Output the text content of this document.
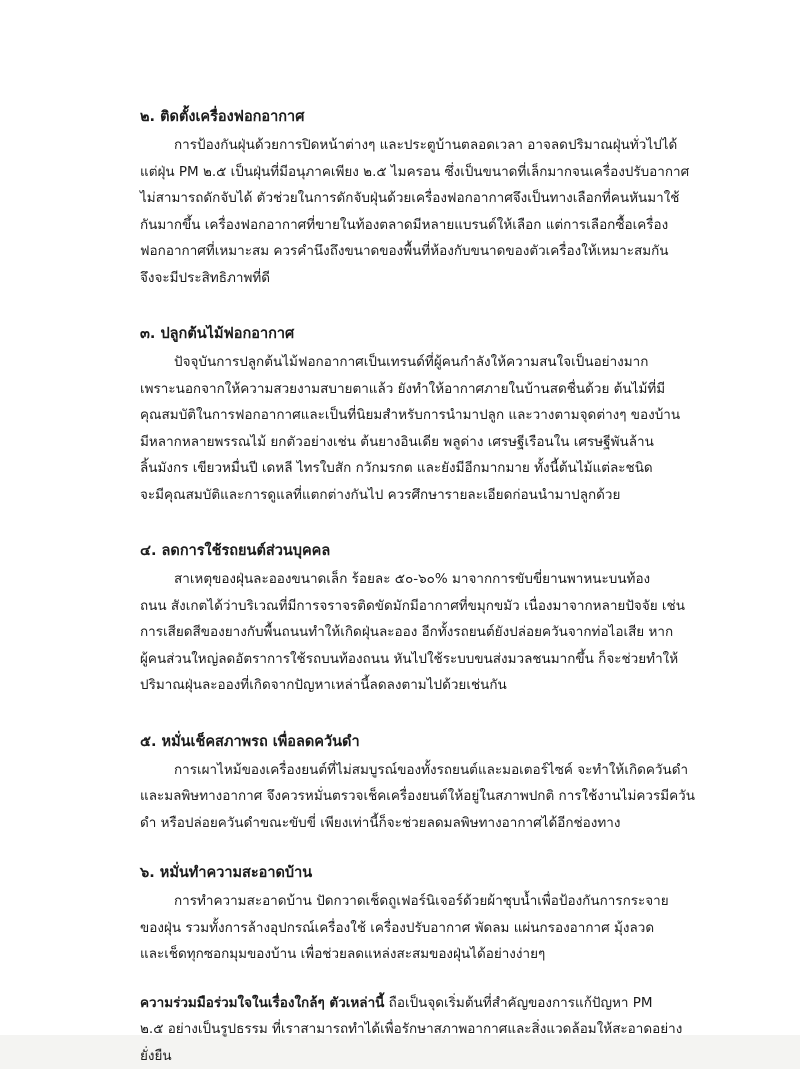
๒. ติดตั้งเครื่องฟอกอากาศ
การป้องกันฝุ่นด้วยการปิดหน้าต่างๆ และประตูบ้านตลอดเวลา อาจลดปริมาณฝุ่นทั่วไปได้
แต่ฝุ่น PM ๒.๕ เป็นฝุ่นที่มีอนุภาคเพียง ๒.๕ ไมครอน ซึ่งเป็นขนาดที่เล็กมากจนเครื่องปรับอากาศ
ไม่สามารถดักจับได้ ตัวช่วยในการดักจับฝุ่นด้วยเครื่องฟอกอากาศจึงเป็นทางเลือกที่คนหันมาใช้
กันมากขึ้น เครื่องฟอกอากาศที่ขายในท้องตลาดมีหลายแบรนด์ให้เลือก แต่การเลือกซื้อเครื่อง
ฟอกอากาศที่เหมาะสม ควรคำนึงถึงขนาดของพื้นที่ห้องกับขนาดของตัวเครื่องให้เหมาะสมกัน
จึงจะมีประสิทธิภาพที่ดี
๓. ปลูกต้นไม้ฟอกอากาศ
ปัจจุบันการปลูกต้นไม้ฟอกอากาศเป็นเทรนด์ที่ผู้คนกำลังให้ความสนใจเป็นอย่างมาก
เพราะนอกจากให้ความสวยงามสบายตาแล้ว ยังทำให้อากาศภายในบ้านสดชื่นด้วย ต้นไม้ที่มี
คุณสมบัติในการฟอกอากาศและเป็นที่นิยมสำหรับการนำมาปลูก และวางตามจุดต่างๆ ของบ้าน
มีหลากหลายพรรณไม้ ยกตัวอย่างเช่น ต้นยางอินเดีย พลูด่าง เศรษฐีเรือนใน เศรษฐีพันล้าน
ลิ้นมังกร เขียวหมื่นปี เดหลี ไทรใบสัก กวักมรกต และยังมีอีกมากมาย ทั้งนี้ต้นไม้แต่ละชนิด
จะมีคุณสมบัติและการดูแลที่แตกต่างกันไป ควรศึกษารายละเอียดก่อนนำมาปลูกด้วย
๔. ลดการใช้รถยนต์ส่วนบุคคล
สาเหตุของฝุ่นละอองขนาดเล็ก ร้อยละ ๕๐-๖๐% มาจากการขับขี่ยานพาหนะบนท้อง
ถนน สังเกตได้ว่าบริเวณที่มีการจราจรติดขัดมักมีอากาศที่ขมุกขมัว เนื่องมาจากหลายปัจจัย เช่น
การเสียดสีของยางกับพื้นถนนทำให้เกิดฝุ่นละออง อีกทั้งรถยนต์ยังปล่อยควันจากท่อไอเสีย หาก
ผู้คนส่วนใหญ่ลดอัตราการใช้รถบนท้องถนน หันไปใช้ระบบขนส่งมวลชนมากขึ้น ก็จะช่วยทำให้
ปริมาณฝุ่นละอองที่เกิดจากปัญหาเหล่านี้ลดลงตามไปด้วยเช่นกัน
๕. หมั่นเช็คสภาพรถ เพื่อลดควันดำ
การเผาไหม้ของเครื่องยนต์ที่ไม่สมบูรณ์ของทั้งรถยนต์และมอเตอร์ไซค์ จะทำให้เกิดควันดำ
และมลพิษทางอากาศ จึงควรหมั่นตรวจเช็คเครื่องยนต์ให้อยู่ในสภาพปกติ การใช้งานไม่ควรมีควัน
ดำ หรือปล่อยควันดำขณะขับขี่ เพียงเท่านี้ก็จะช่วยลดมลพิษทางอากาศได้อีกช่องทาง
๖. หมั่นทำความสะอาดบ้าน
การทำความสะอาดบ้าน ปัดกวาดเช็ดถูเฟอร์นิเจอร์ด้วยผ้าชุบน้ำเพื่อป้องกันการกระจาย
ของฝุ่น รวมทั้งการล้างอุปกรณ์เครื่องใช้ เครื่องปรับอากาศ พัดลม แผ่นกรองอากาศ มุ้งลวด
และเช็ดทุกซอกมุมของบ้าน เพื่อช่วยลดแหล่งสะสมของฝุ่นได้อย่างง่ายๆ
ความร่วมมือร่วมใจในเรื่องใกล้ๆ ตัวเหล่านี้ ถือเป็นจุดเริ่มต้นที่สำคัญของการแก้ปัญหา PM
๒.๕ อย่างเป็นรูปธรรม ที่เราสามารถทำได้เพื่อรักษาสภาพอากาศและสิ่งแวดล้อมให้สะอาดอย่าง
ยั่งยืน
